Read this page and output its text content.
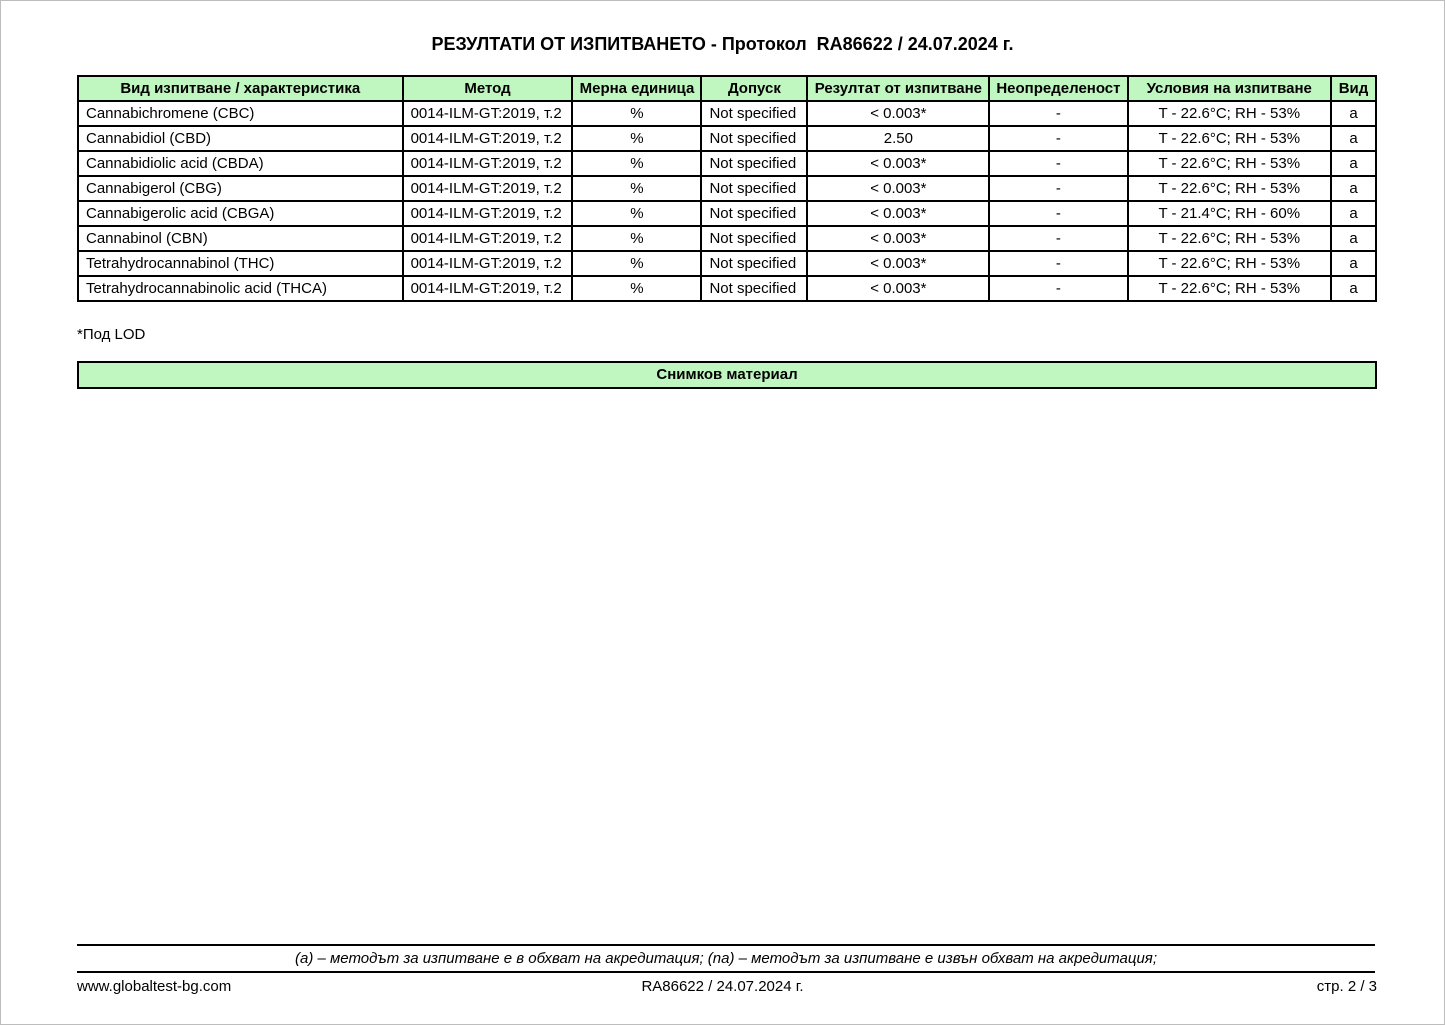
РЕЗУЛТАТИ ОТ ИЗПИТВАНЕТО - Протокол  RA86622 / 24.07.2024 г.
Вид изпитване / характеристика	Метод	Мерна единица	Допуск	Резултат от изпитване	Неопределеност	Условия на изпитване	Вид
Cannabichromene (CBC)	0014-ILM-GT:2019, т.2	%	Not specified	< 0.003*	-	T - 22.6°C; RH - 53%	a
Cannabidiol (CBD)	0014-ILM-GT:2019, т.2	%	Not specified	2.50	-	T - 22.6°C; RH - 53%	a
Cannabidiolic acid (CBDA)	0014-ILM-GT:2019, т.2	%	Not specified	< 0.003*	-	T - 22.6°C; RH - 53%	a
Cannabigerol (CBG)	0014-ILM-GT:2019, т.2	%	Not specified	< 0.003*	-	T - 22.6°C; RH - 53%	a
Cannabigerolic acid (CBGA)	0014-ILM-GT:2019, т.2	%	Not specified	< 0.003*	-	T - 21.4°C; RH - 60%	a
Cannabinol (CBN)	0014-ILM-GT:2019, т.2	%	Not specified	< 0.003*	-	T - 22.6°C; RH - 53%	a
Tetrahydrocannabinol (THC)	0014-ILM-GT:2019, т.2	%	Not specified	< 0.003*	-	T - 22.6°C; RH - 53%	a
Tetrahydrocannabinolic acid (THCA)	0014-ILM-GT:2019, т.2	%	Not specified	< 0.003*	-	T - 22.6°C; RH - 53%	a
*Под LOD
Снимков материал
(a) – методът за изпитване е в обхват на акредитация; (na) – методът за изпитване е извън обхват на акредитация;
www.globaltest-bg.com	RA86622 / 24.07.2024 г.	стр. 2 / 3
